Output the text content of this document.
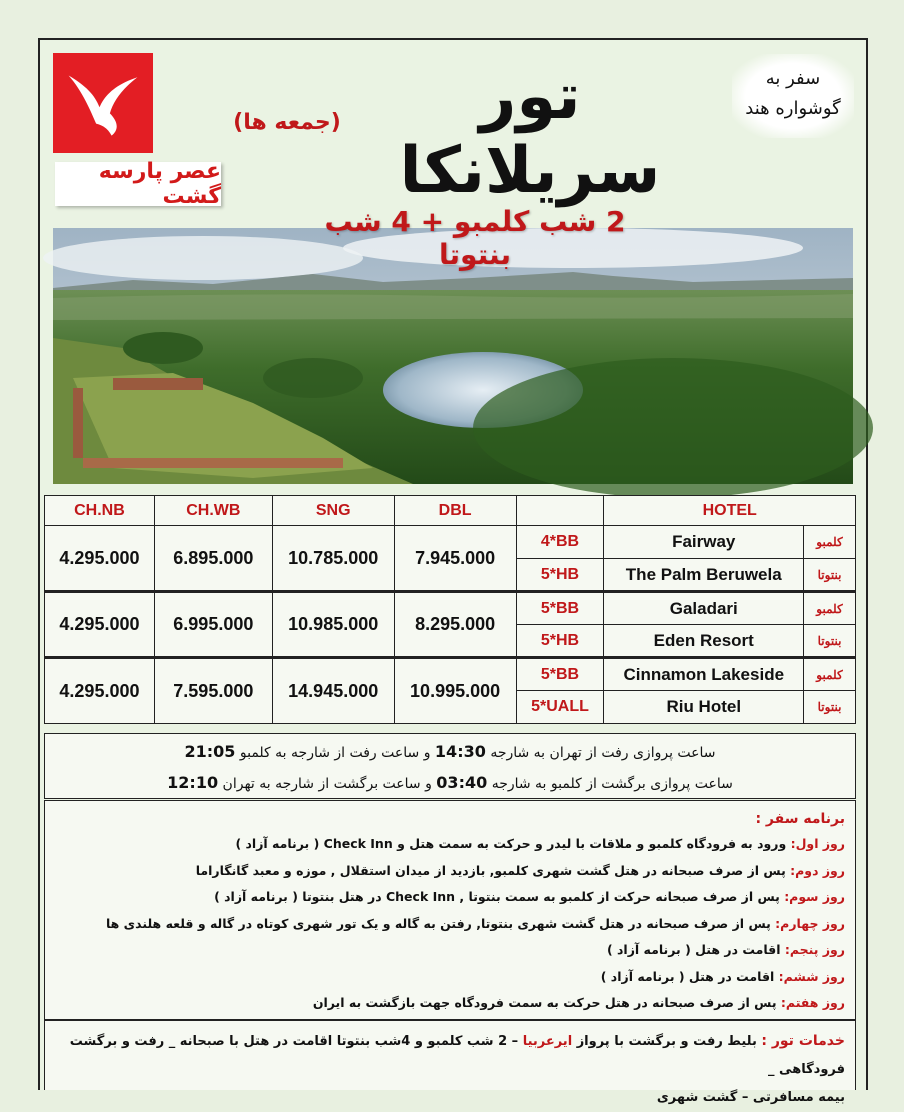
عصر پارسه گشت
تور سریلانکا
(جمعه ها)
سفر به
گوشواره هند
2 شب کلمبو + 4 شب بنتوتا
CH.NB	CH.WB	SNG	DBL		HOTEL	
4.295.000	6.895.000	10.785.000	7.945.000	4*BB	Fairway	کلمبو
				5*HB	The Palm Beruwela	بنتوتا
4.295.000	6.995.000	10.985.000	8.295.000	5*BB	Galadari	کلمبو
				5*HB	Eden Resort	بنتوتا
4.295.000	7.595.000	14.945.000	10.995.000	5*BB	Cinnamon Lakeside	کلمبو
				5*UALL	Riu Hotel	بنتوتا
ساعت پروازی رفت از تهران به شارجه 14:30 و ساعت رفت از شارجه به کلمبو 21:05
ساعت پروازی برگشت از کلمبو به شارجه 03:40 و ساعت برگشت از شارجه به تهران 12:10
برنامه سفر :
روز اول: ورود به فرودگاه کلمبو و ملاقات با لیدر و حرکت به سمت هتل و Check Inn ( برنامه آزاد )
روز دوم: پس از صرف صبحانه در هتل گشت شهری کلمبو, بازدید از میدان استقلال , موزه و معبد گانگاراما
روز سوم: پس از صرف صبحانه حرکت از کلمبو به سمت بنتوتا , Check Inn در هتل بنتوتا ( برنامه آزاد )
روز چهارم: پس از صرف صبحانه در هتل گشت شهری بنتوتا, رفتن به گاله و یک تور شهری کوتاه در گاله و قلعه هلندی ها
روز پنجم: اقامت در هتل ( برنامه آزاد )
روز ششم: اقامت در هتل ( برنامه آزاد )
روز هفتم: پس از صرف صبحانه در هتل حرکت به سمت فرودگاه جهت بازگشت به ایران
خدمات تور : بلیط رفت و برگشت با پرواز ایرعربیا – 2 شب کلمبو و 4شب بنتوتا اقامت در هتل با صبحانه _ رفت و برگشت فرودگاهی _
بیمه مسافرتی – گشت شهری
